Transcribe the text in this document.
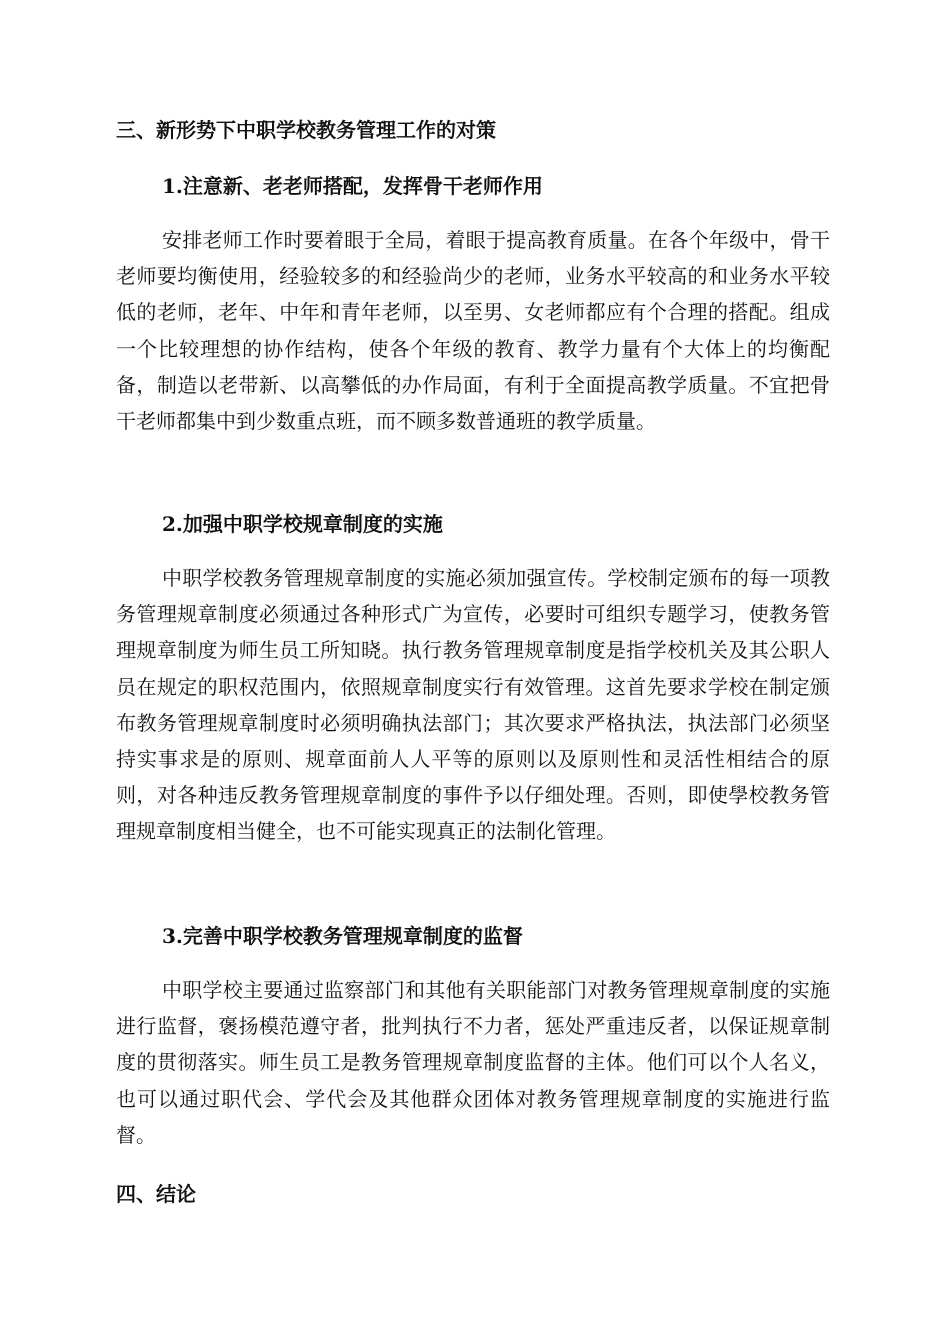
三、新形势下中职学校教务管理工作的对策
1.注意新、老老师搭配，发挥骨干老师作用

安排老师工作时要着眼于全局，着眼于提高教育质量。在各个年级中，骨干老师要均衡使用，经验较多的和经验尚少的老师，业务水平较高的和业务水平较低的老师，老年、中年和青年老师，以至男、女老师都应有个合理的搭配。组成一个比较理想的协作结构，使各个年级的教育、教学力量有个大体上的均衡配备，制造以老带新、以高攀低的办作局面，有利于全面提高教学质量。不宜把骨干老师都集中到少数重点班，而不顾多数普通班的教学质量。

2.加强中职学校规章制度的实施

中职学校教务管理规章制度的实施必须加强宣传。学校制定颁布的每一项教务管理规章制度必须通过各种形式广为宣传，必要时可组织专题学习，使教务管理规章制度为师生员工所知晓。执行教务管理规章制度是指学校机关及其公职人员在规定的职权范围内，依照规章制度实行有效管理。这首先要求学校在制定颁布教务管理规章制度时必须明确执法部门；其次要求严格执法，执法部门必须坚持实事求是的原则、规章面前人人平等的原则以及原则性和灵活性相结合的原则，对各种违反教务管理规章制度的事件予以仔细处理。否则，即使學校教务管理规章制度相当健全，也不可能实现真正的法制化管理。

3.完善中职学校教务管理规章制度的监督

中职学校主要通过监察部门和其他有关职能部门对教务管理规章制度的实施进行监督，褒扬模范遵守者，批判执行不力者，惩处严重违反者，以保证规章制度的贯彻落实。师生员工是教务管理规章制度监督的主体。他们可以个人名义，也可以通过职代会、学代会及其他群众团体对教务管理规章制度的实施进行监督。

四、结论
